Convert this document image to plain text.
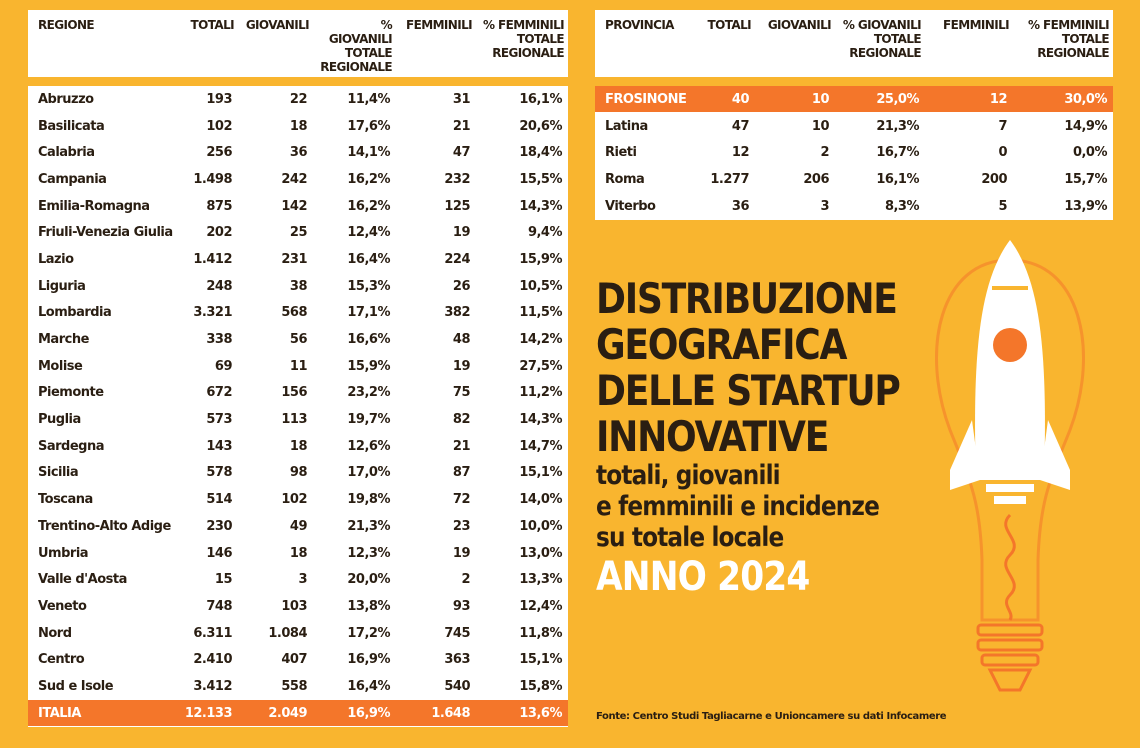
REGIONE	TOTALI	GIOVANILI	% GIOVANILI TOTALE REGIONALE	FEMMINILI	% FEMMINILI TOTALE REGIONALE

Abruzzo	193	22	11,4%	31	16,1%
Basilicata	102	18	17,6%	21	20,6%
Calabria	256	36	14,1%	47	18,4%
Campania	1.498	242	16,2%	232	15,5%
Emilia-Romagna	875	142	16,2%	125	14,3%
Friuli-Venezia Giulia	202	25	12,4%	19	9,4%
Lazio	1.412	231	16,4%	224	15,9%
Liguria	248	38	15,3%	26	10,5%
Lombardia	3.321	568	17,1%	382	11,5%
Marche	338	56	16,6%	48	14,2%
Molise	69	11	15,9%	19	27,5%
Piemonte	672	156	23,2%	75	11,2%
Puglia	573	113	19,7%	82	14,3%
Sardegna	143	18	12,6%	21	14,7%
Sicilia	578	98	17,0%	87	15,1%
Toscana	514	102	19,8%	72	14,0%
Trentino-Alto Adige	230	49	21,3%	23	10,0%
Umbria	146	18	12,3%	19	13,0%
Valle d'Aosta	15	3	20,0%	2	13,3%
Veneto	748	103	13,8%	93	12,4%
Nord	6.311	1.084	17,2%	745	11,8%
Centro	2.410	407	16,9%	363	15,1%
Sud e Isole	3.412	558	16,4%	540	15,8%
ITALIA	12.133	2.049	16,9%	1.648	13,6%
PROVINCIA	TOTALI	GIOVANILI	% GIOVANILI TOTALE REGIONALE	FEMMINILI	% FEMMINILI TOTALE REGIONALE

FROSINONE	40	10	25,0%	12	30,0%
Latina	47	10	21,3%	7	14,9%
Rieti	12	2	16,7%	0	0,0%
Roma	1.277	206	16,1%	200	15,7%
Viterbo	36	3	8,3%	5	13,9%
DISTRIBUZIONE
GEOGRAFICA
DELLE STARTUP
INNOVATIVE
totali, giovanili
e femminili e incidenze
su totale locale
ANNO 2024
Fonte: Centro Studi Tagliacarne e Unioncamere su dati Infocamere
